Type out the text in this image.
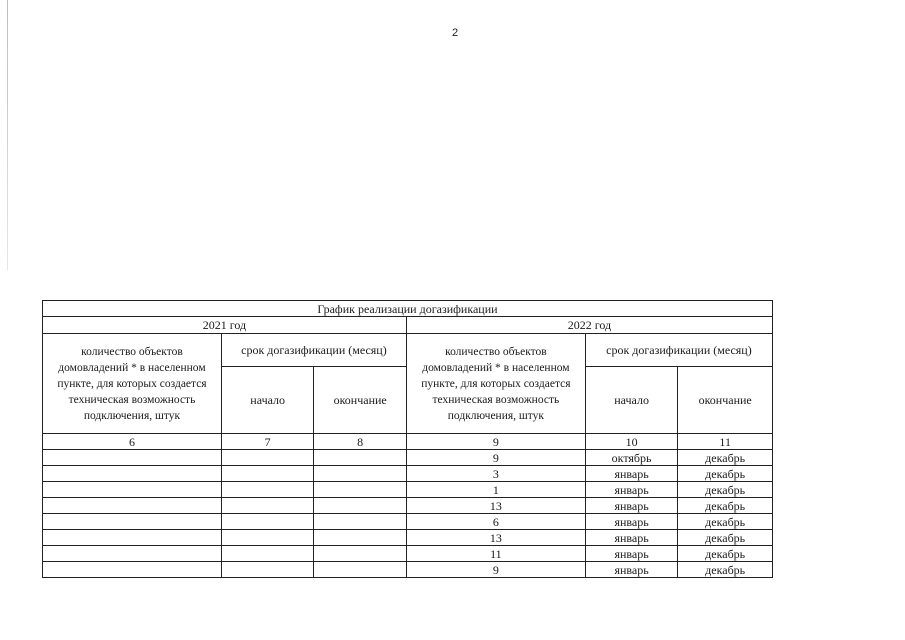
2
График реализации догазификации					
2021 год			2022 год		
количество объектов домовладений * в населенном пункте, для которых создается техническая возможность подключения, штук	срок догазификации (месяц)		количество объектов домовладений * в населенном пункте, для которых создается техническая возможность подключения, штук	срок догазификации (месяц)	
	начало	окончание		начало	окончание
6	7	8	9	10	11
			9	октябрь	декабрь
			3	январь	декабрь
			1	январь	декабрь
			13	январь	декабрь
			6	январь	декабрь
			13	январь	декабрь
			11	январь	декабрь
			9	январь	декабрь
